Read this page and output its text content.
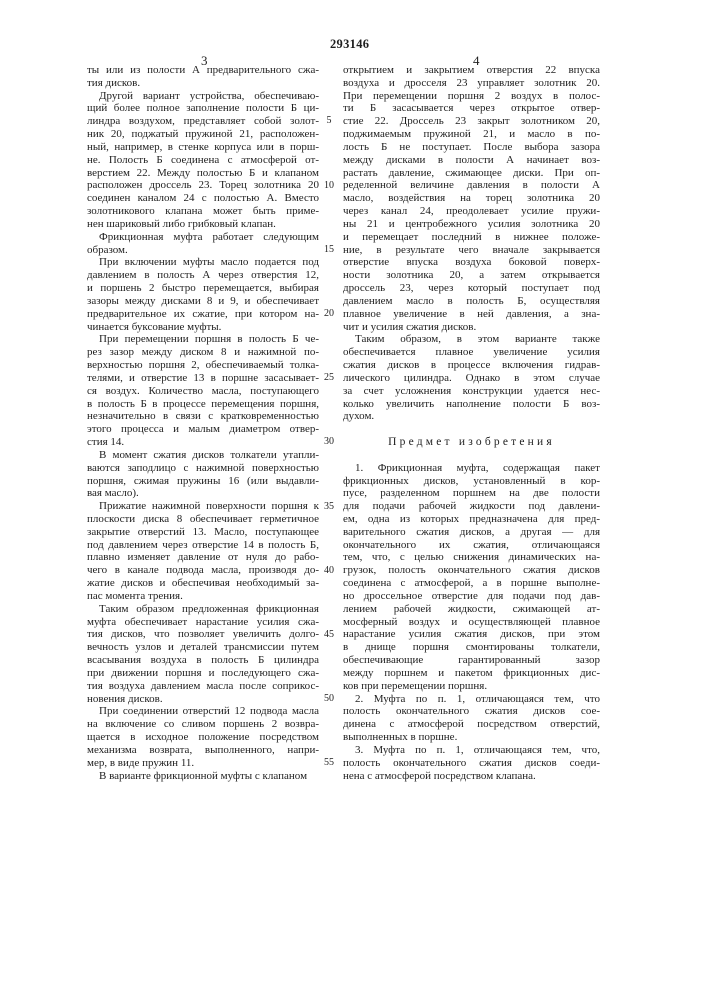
3
293146
4
ты или из полости А предварительного сжа-
тия дисков.
Другой вариант устройства, обеспечиваю-
щий более полное заполнение полости Б ци-
линдра воздухом, представляет собой золот-
ник 20, поджатый пружиной 21, расположен-
ный, например, в стенке корпуса или в порш-
не. Полость Б соединена с атмосферой от-
верстием 22. Между полостью Б и клапаном
расположен дроссель 23. Торец золотника 20
соединен каналом 24 с полостью А. Вместо
золотникового клапана может быть приме-
нен шариковый либо грибковый клапан.
Фрикционная муфта работает следующим
образом.
При включении муфты масло подается под
давлением в полость А через отверстия 12,
и поршень 2 быстро перемещается, выбирая
зазоры между дисками 8 и 9, и обеспечивает
предварительное их сжатие, при котором на-
чинается буксование муфты.
При перемещении поршня в полость Б че-
рез зазор между диском 8 и нажимной по-
верхностью поршня 2, обеспечиваемый толка-
телями, и отверстие 13 в поршне засасывает-
ся воздух. Количество масла, поступающего
в полость Б в процессе перемещения поршня,
незначительно в связи с кратковременностью
этого процесса и малым диаметром отвер-
стия 14.
В момент сжатия дисков толкатели утапли-
ваются заподлицо с нажимной поверхностью
поршня, сжимая пружины 16 (или выдавли-
вая масло).
Прижатие нажимной поверхности поршня к
плоскости диска 8 обеспечивает герметичное
закрытие отверстий 13. Масло, поступающее
под давлением через отверстие 14 в полость Б,
плавно изменяет давление от нуля до рабо-
чего в канале подвода масла, производя до-
жатие дисков и обеспечивая необходимый за-
пас момента трения.
Таким образом предложенная фрикционная
муфта обеспечивает нарастание усилия сжа-
тия дисков, что позволяет увеличить долго-
вечность узлов и деталей трансмиссии путем
всасывания воздуха в полость Б цилиндра
при движении поршня и последующего сжа-
тия воздуха давлением масла после соприкос-
новения дисков.
При соединении отверстий 12 подвода масла
на включение со сливом поршень 2 возвра-
щается в исходное положение посредством
механизма возврата, выполненного, напри-
мер, в виде пружин 11.
В варианте фрикционной муфты с клапаном
5
10
15
20
25
30
35
40
45
50
55
открытием и закрытием отверстия 22 впуска
воздуха и дросселя 23 управляет золотник 20.
При перемещении поршня 2 воздух в полос-
ти Б засасывается через открытое отвер-
стие 22. Дроссель 23 закрыт золотником 20,
поджимаемым пружиной 21, и масло в по-
лость Б не поступает. После выбора зазора
между дисками в полости А начинает воз-
растать давление, сжимающее диски. При оп-
ределенной величине давления в полости А
масло, воздействия на торец золотника 20
через канал 24, преодолевает усилие пружи-
ны 21 и центробежного усилия золотника 20
и перемещает последний в нижнее положе-
ние, в результате чего вначале закрывается
отверстие впуска воздуха боковой поверх-
ности золотника 20, а затем открывается
дроссель 23, через который поступает под
давлением масло в полость Б, осуществляя
плавное увеличение в ней давления, а зна-
чит и усилия сжатия дисков.
Таким образом, в этом варианте также
обеспечивается плавное увеличение усилия
сжатия дисков в процессе включения гидрав-
лического цилиндра. Однако в этом случае
за счет усложнения конструкции удается нес-
колько увеличить наполнение полости Б воз-
духом.
Предмет изобретения
1. Фрикционная муфта, содержащая пакет
фрикционных дисков, установленный в кор-
пусе, разделенном поршнем на две полости
для подачи рабочей жидкости под давлени-
ем, одна из которых предназначена для пред-
варительного сжатия дисков, а другая — для
окончательного их сжатия, отличающаяся
тем, что, с целью снижения динамических на-
грузок, полость окончательного сжатия дисков
соединена с атмосферой, а в поршне выполне-
но дроссельное отверстие для подачи под дав-
лением рабочей жидкости, сжимающей ат-
мосферный воздух и осуществляющей плавное
нарастание усилия сжатия дисков, при этом
в днище поршня смонтированы толкатели,
обеспечивающие гарантированный зазор
между поршнем и пакетом фрикционных дис-
ков при перемещении поршня.
2. Муфта по п. 1, отличающаяся тем, что
полость окончательного сжатия дисков сое-
динена с атмосферой посредством отверстий,
выполненных в поршне.
3. Муфта по п. 1, отличающаяся тем, что,
полость окончательного сжатия дисков соеди-
нена с атмосферой посредством клапана.
